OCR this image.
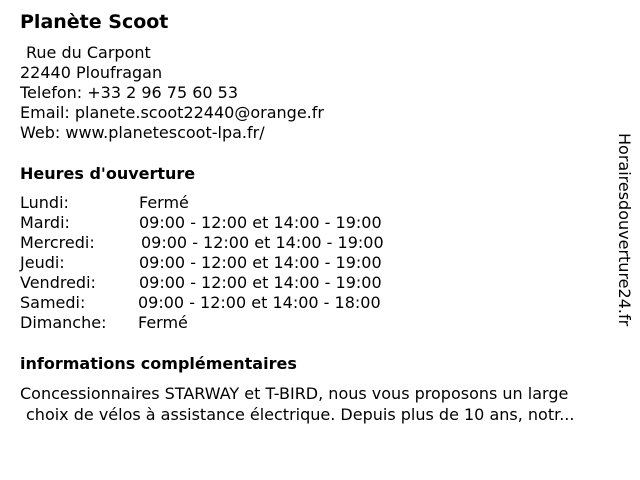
Planète Scoot
Rue du Carpont
22440 Ploufragan
Telefon: +33 2 96 75 60 53
Email: planete.scoot22440@orange.fr
Web: www.planetescoot-lpa.fr/
Heures d'ouverture
Lundi:	Fermé
Mardi:	09:00 - 12:00 et 14:00 - 19:00
Mercredi:	09:00 - 12:00 et 14:00 - 19:00
Jeudi:	09:00 - 12:00 et 14:00 - 19:00
Vendredi:	09:00 - 12:00 et 14:00 - 19:00
Samedi:	09:00 - 12:00 et 14:00 - 18:00
Dimanche: Fermé
informations complémentaires
Concessionnaires STARWAY et T-BIRD, nous vous proposons un large
choix de vélos à assistance électrique. Depuis plus de 10 ans, notr...
Horairesdouverture24.fr
